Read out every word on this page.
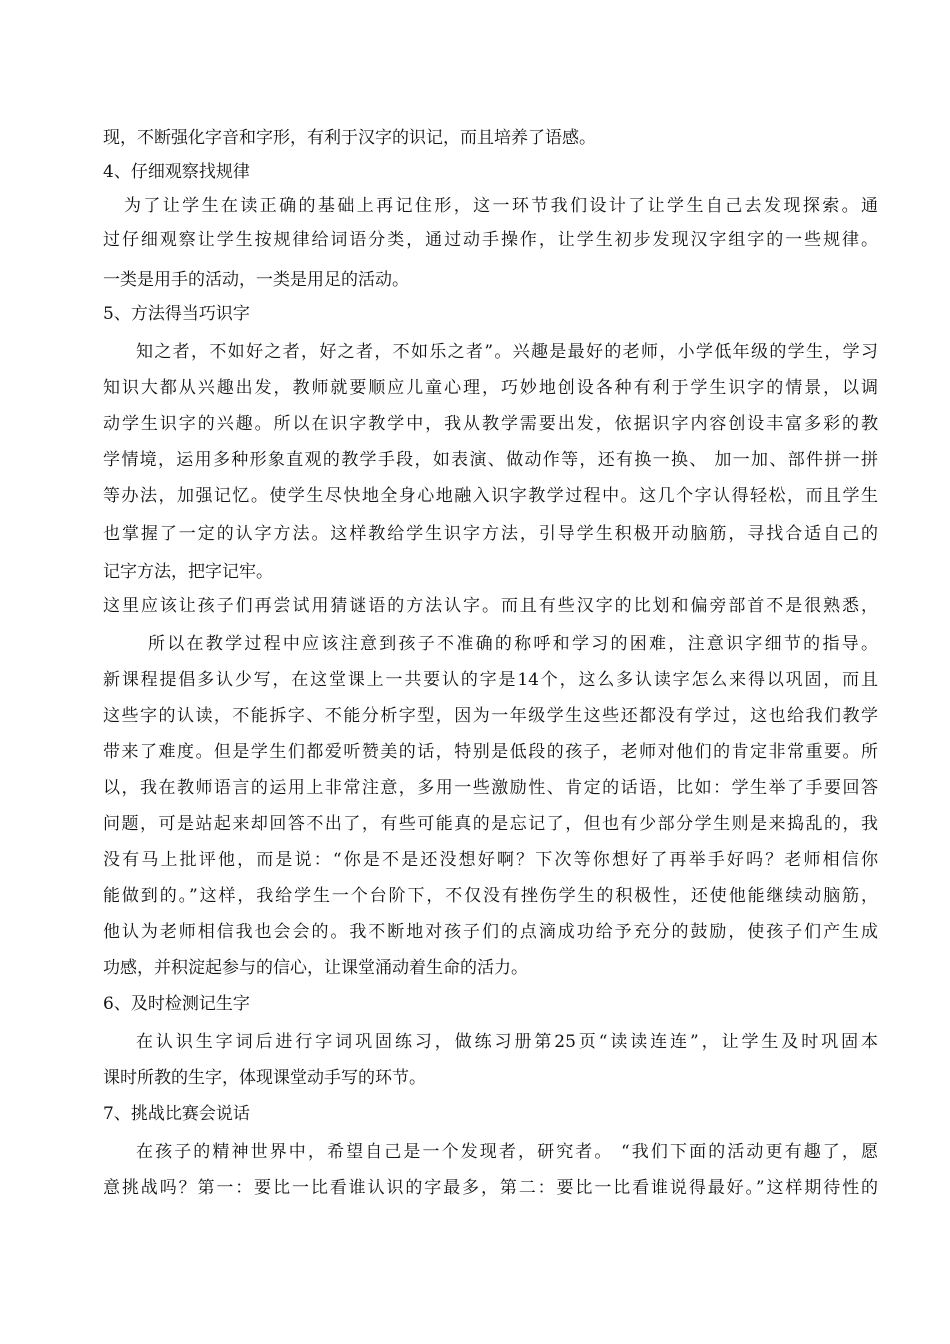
现，不断强化字音和字形，有利于汉字的识记，而且培养了语感。
4、仔细观察找规律
为了让学生在读正确的基础上再记住形，这一环节我们设计了让学生自己去发现探索。通
过仔细观察让学生按规律给词语分类，通过动手操作，让学生初步发现汉字组字的一些规律。
一类是用手的活动，一类是用足的活动。
5、方法得当巧识字
知之者，不如好之者，好之者，不如乐之者”。兴趣是最好的老师，小学低年级的学生，学习
知识大都从兴趣出发，教师就要顺应儿童心理，巧妙地创设各种有利于学生识字的情景，以调
动学生识字的兴趣。所以在识字教学中，我从教学需要出发，依据识字内容创设丰富多彩的教
学情境，运用多种形象直观的教学手段，如表演、做动作等，还有换一换、 加一加、部件拼一拼
等办法，加强记忆。使学生尽快地全身心地融入识字教学过程中。这几个字认得轻松，而且学生
也掌握了一定的认字方法。这样教给学生识字方法，引导学生积极开动脑筋，寻找合适自己的
记字方法，把字记牢。
这里应该让孩子们再尝试用猜谜语的方法认字。而且有些汉字的比划和偏旁部首不是很熟悉，
所以在教学过程中应该注意到孩子不准确的称呼和学习的困难，注意识字细节的指导。
新课程提倡多认少写，在这堂课上一共要认的字是14个，这么多认读字怎么来得以巩固，而且
这些字的认读，不能拆字、不能分析字型，因为一年级学生这些还都没有学过，这也给我们教学
带来了难度。但是学生们都爱听赞美的话，特别是低段的孩子，老师对他们的肯定非常重要。所
以，我在教师语言的运用上非常注意，多用一些激励性、肯定的话语，比如：学生举了手要回答
问题，可是站起来却回答不出了，有些可能真的是忘记了，但也有少部分学生则是来捣乱的，我
没有马上批评他，而是说：“你是不是还没想好啊？下次等你想好了再举手好吗？老师相信你
能做到的。”这样，我给学生一个台阶下，不仅没有挫伤学生的积极性，还使他能继续动脑筋，
他认为老师相信我也会会的。我不断地对孩子们的点滴成功给予充分的鼓励，使孩子们产生成
功感，并积淀起参与的信心，让课堂涌动着生命的活力。
6、及时检测记生字
在认识生字词后进行字词巩固练习，做练习册第25页“读读连连”，让学生及时巩固本
课时所教的生字，体现课堂动手写的环节。
7、挑战比赛会说话
在孩子的精神世界中，希望自己是一个发现者，研究者。 “我们下面的活动更有趣了，愿
意挑战吗？第一：要比一比看谁认识的字最多，第二：要比一比看谁说得最好。”这样期待性的
